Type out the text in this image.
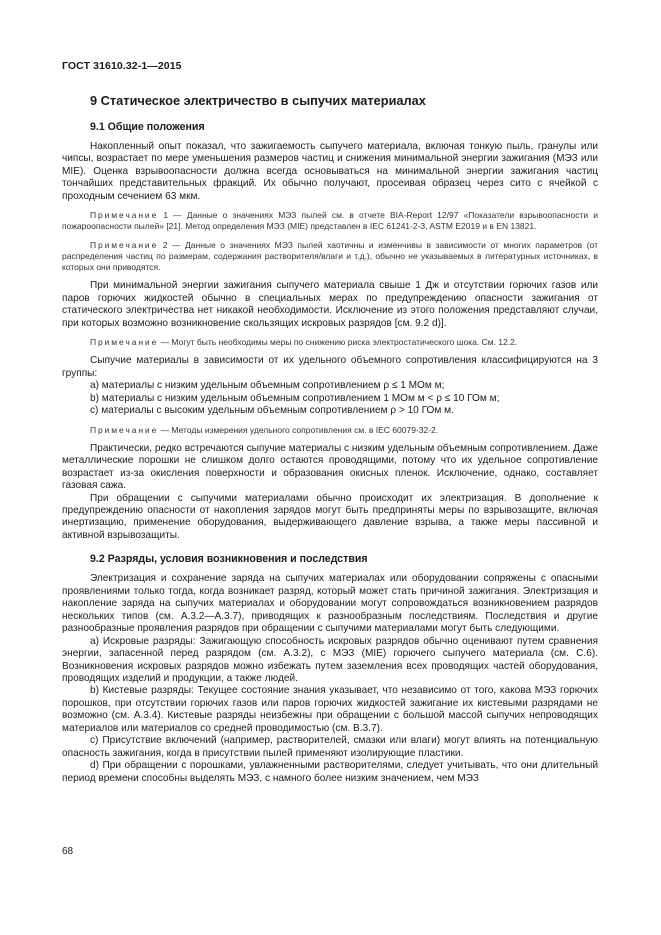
ГОСТ 31610.32-1—2015
9 Статическое электричество в сыпучих материалах
9.1 Общие положения

Накопленный опыт показал, что зажигаемость сыпучего материала, включая тонкую пыль, гранулы или чипсы, возрастает по мере уменьшения размеров частиц и снижения минимальной энергии зажигания (МЭЗ или MIE). Оценка взрывоопасности должна всегда основываться на минимальной энергии зажигания частиц тончайших представительных фракций. Их обычно получают, просеивая образец через сито с ячейкой с проходным сечением 63 мкм.

Примечание 1 — Данные о значениях МЭЗ пылей см. в отчете BIA-Report 12/97 «Показатели взрывоопасности и пожароопасности пылей» [21]. Метод определения МЭЗ (MIE) представлен в IEC 61241-2-3, ASTM E2019 и в EN 13821.

Примечание 2 — Данные о значениях МЭЗ пылей хаотичны и изменчивы в зависимости от многих параметров (от распределения частиц по размерам, содержания растворителя/влаги и т.д.), обычно не указываемых в литературных источниках, в которых они приводятся.

При минимальной энергии зажигания сыпучего материала свыше 1 Дж и отсутствии горючих газов или паров горючих жидкостей обычно в специальных мерах по предупреждению опасности зажигания от статического электричества нет никакой необходимости. Исключение из этого положения представляют случаи, при которых возможно возникновение скользящих искровых разрядов [см. 9.2 d)].

Примечание — Могут быть необходимы меры по снижению риска электростатического шока. См. 12.2.

Сыпучие материалы в зависимости от их удельного объемного сопротивления классифицируются на 3 группы:

a) материалы с низким удельным объемным сопротивлением ρ ≤ 1 МОм м;

b) материалы с низким удельным объемным сопротивлением 1 МОм м < ρ ≤ 10 ГОм м;

c) материалы с высоким удельным объемным сопротивлением ρ > 10 ГОм м.

Примечание — Методы измерения удельного сопротивления см. в IEC 60079-32-2.

Практически, редко встречаются сыпучие материалы с низким удельным объемным сопротивлением. Даже металлические порошки не слишком долго остаются проводящими, потому что их удельное сопротивление возрастает из-за окисления поверхности и образования окисных пленок. Исключение, однако, составляет газовая сажа.

При обращении с сыпучими материалами обычно происходит их электризация. В дополнение к предупреждению опасности от накопления зарядов могут быть предприняты меры по взрывозащите, включая инертизацию, применение оборудования, выдерживающего давление взрыва, а также меры пассивной и активной взрывозащиты.

9.2 Разряды, условия возникновения и последствия

Электризация и сохранение заряда на сыпучих материалах или оборудовании сопряжены с опасными проявлениями только тогда, когда возникает разряд, который может стать причиной зажигания. Электризация и накопление заряда на сыпучих материалах и оборудовании могут сопровождаться возникновением разрядов нескольких типов (см. А.3.2—А.3.7), приводящих к разнообразным последствиям. Последствия и другие разнообразные проявления разрядов при обращении с сыпучими материалами могут быть следующими.

a) Искровые разряды: Зажигающую способность искровых разрядов обычно оценивают путем сравнения энергии, запасенной перед разрядом (см. А.3.2), с МЭЗ (MIE) горючего сыпучего материала (см. С.6). Возникновения искровых разрядов можно избежать путем заземления всех проводящих частей оборудования, проводящих изделий и продукции, а также людей.

b) Кистевые разряды: Текущее состояние знания указывает, что независимо от того, какова МЭЗ горючих порошков, при отсутствии горючих газов или паров горючих жидкостей зажигание их кистевыми разрядами не возможно (см. А.3.4). Кистевые разряды неизбежны при обращении с большой массой сыпучих непроводящих материалов или материалов со средней проводимостью (см. В.3.7).

c) Присутствие включений (например, растворителей, смазки или влаги) могут влиять на потенциальную опасность зажигания, когда в присутствии пылей применяют изолирующие пластики.

d) При обращении с порошками, увлажненными растворителями, следует учитывать, что они длительный период времени способны выделять МЭЗ, с намного более низким значением, чем МЭЗ

68
